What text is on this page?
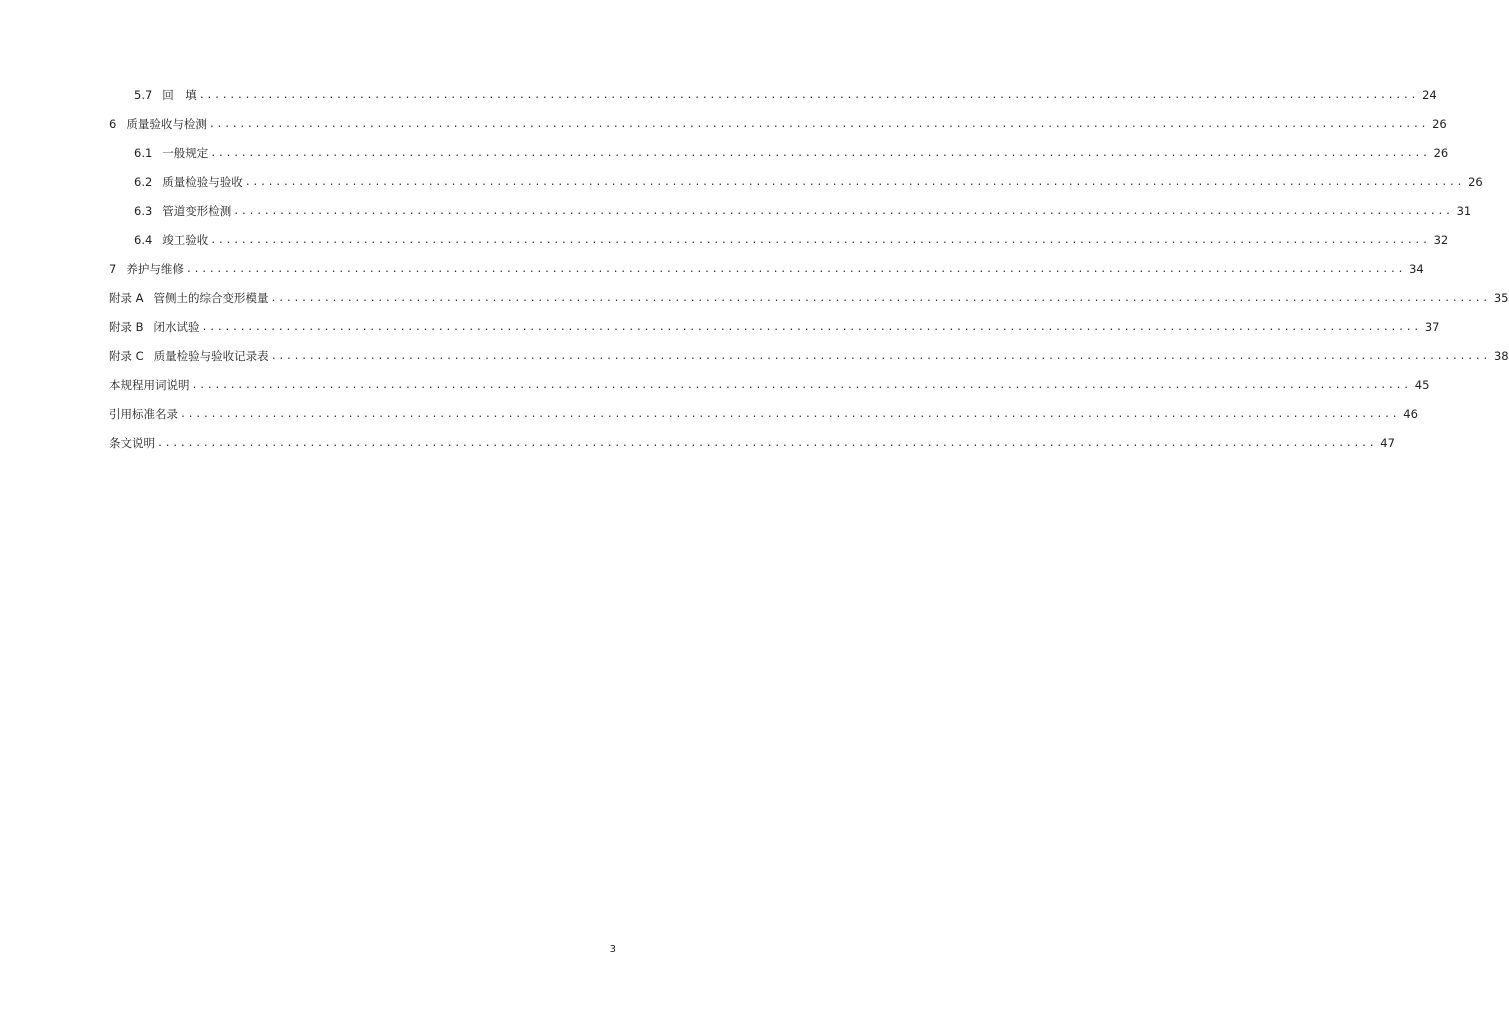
5.7 回　填 ................................................................................................................................................................ 24
6 质量验收与检测 ................................................................................................................................................................ 26
6.1 一般规定 ................................................................................................................................................................ 26
6.2 质量检验与验收 ................................................................................................................................................................ 26
6.3 管道变形检测 ................................................................................................................................................................ 31
6.4 竣工验收 ................................................................................................................................................................ 32
7 养护与维修 ................................................................................................................................................................ 34
附录 A 管侧土的综合变形模量 ................................................................................................................................................................ 35
附录 B 闭水试验 ................................................................................................................................................................ 37
附录 C 质量检验与验收记录表 ................................................................................................................................................................ 38
本规程用词说明 ................................................................................................................................................................ 45
引用标准名录 ................................................................................................................................................................ 46
条文说明 ................................................................................................................................................................ 47
3
